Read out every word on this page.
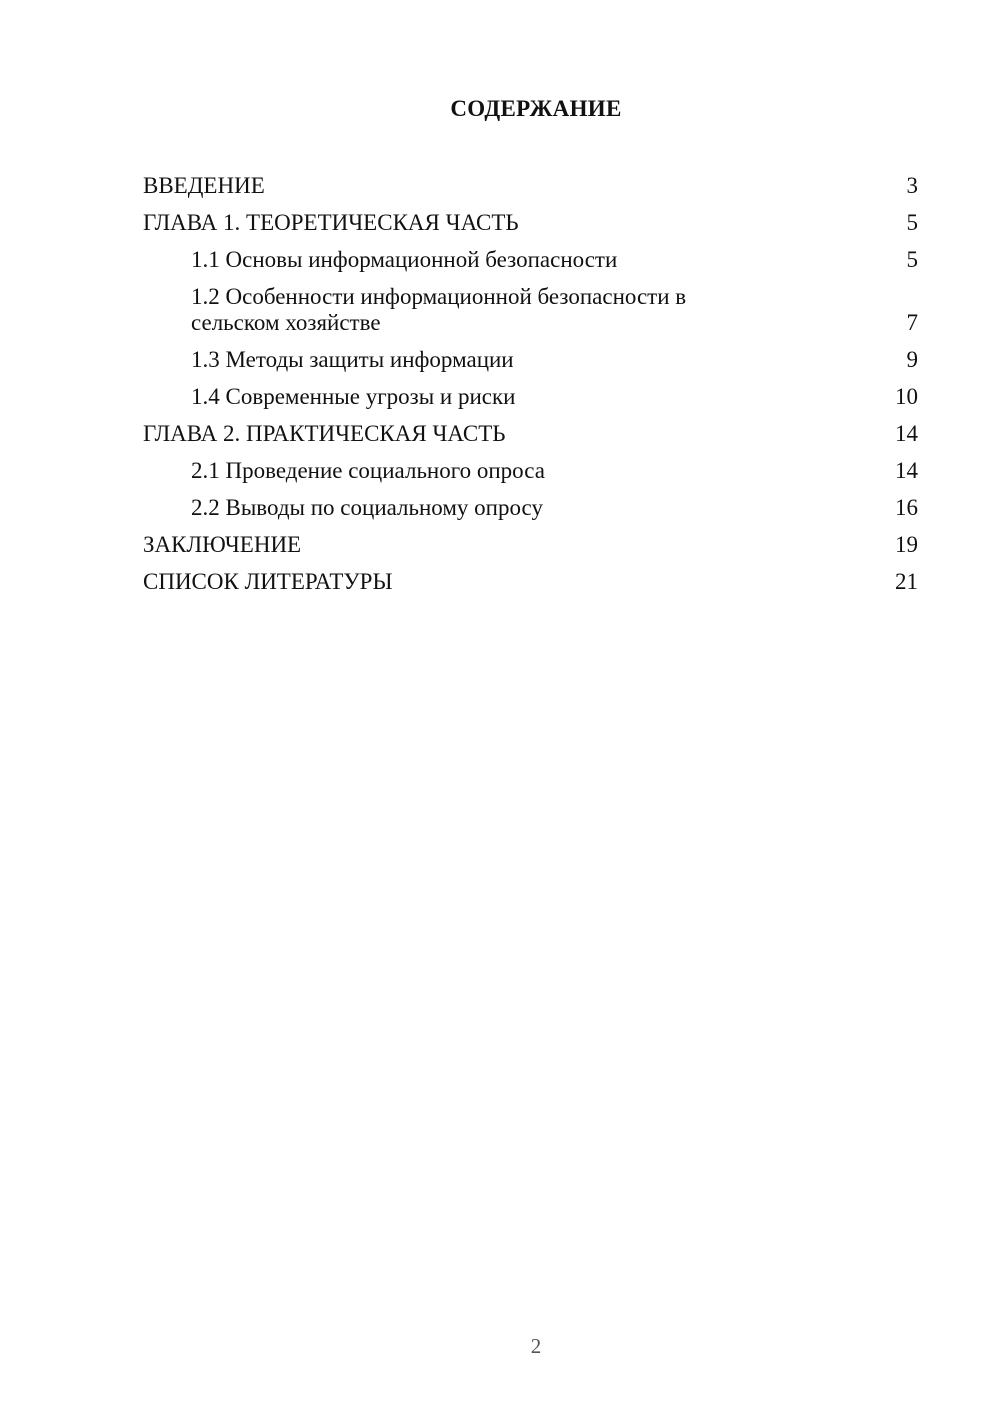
СОДЕРЖАНИЕ
ВВЕДЕНИЕ	3
ГЛАВА 1. ТЕОРЕТИЧЕСКАЯ ЧАСТЬ	5
1.1 Основы информационной безопасности	5
1.2 Особенности информационной безопасности в
сельском хозяйстве	7
1.3 Методы защиты информации	9
1.4 Современные угрозы и риски	10
ГЛАВА 2. ПРАКТИЧЕСКАЯ ЧАСТЬ	14
2.1 Проведение социального опроса	14
2.2 Выводы по социальному опросу	16
ЗАКЛЮЧЕНИЕ	19
СПИСОК ЛИТЕРАТУРЫ	21
2
